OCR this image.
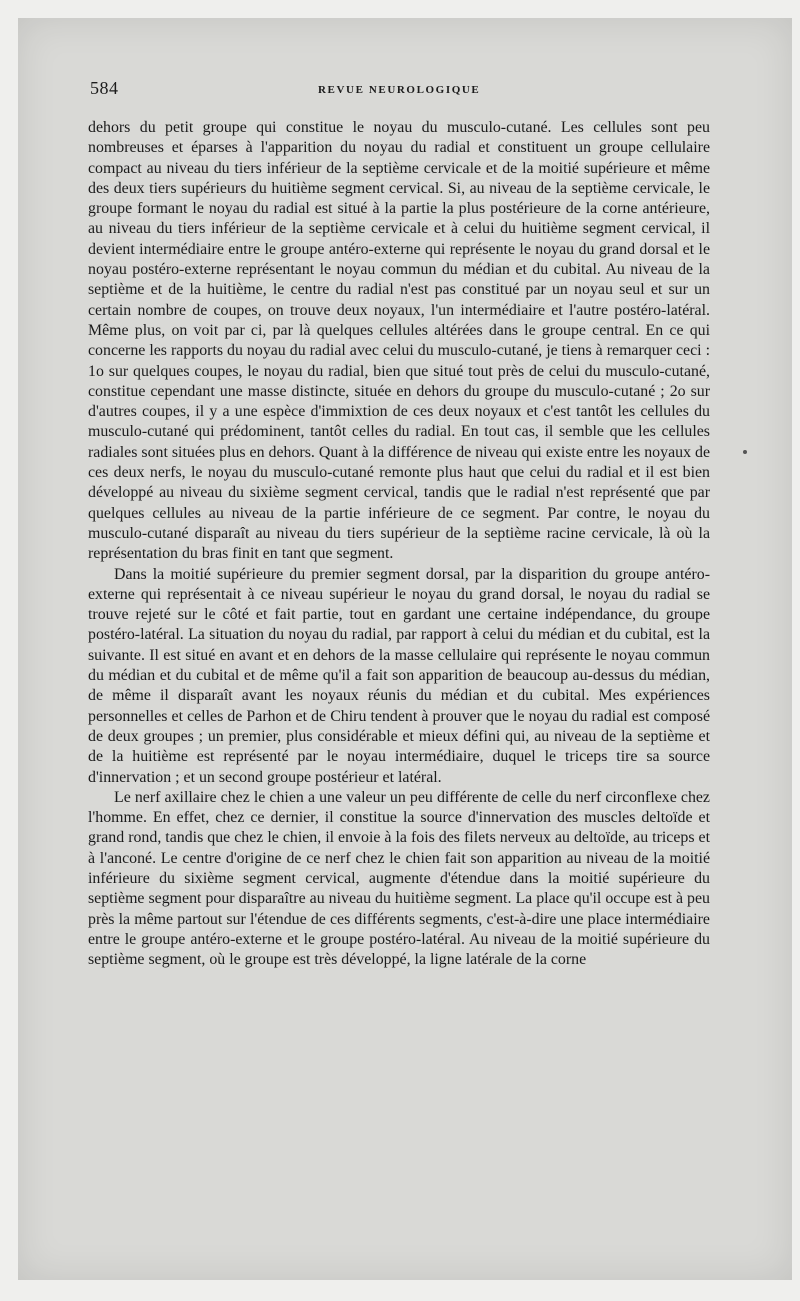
584	REVUE NEUROLOGIQUE

dehors du petit groupe qui constitue le noyau du musculo-cutané. Les cellules sont peu nombreuses et éparses à l'apparition du noyau du radial et constituent un groupe cellulaire compact au niveau du tiers inférieur de la septième cervicale et de la moitié supérieure et même des deux tiers supérieurs du huitième segment cervical. Si, au niveau de la septième cervicale, le groupe formant le noyau du radial est situé à la partie la plus postérieure de la corne antérieure, au niveau du tiers inférieur de la septième cervicale et à celui du huitième segment cervical, il devient intermédiaire entre le groupe antéro-externe qui représente le noyau du grand dorsal et le noyau postéro-externe représentant le noyau commun du médian et du cubital. Au niveau de la septième et de la huitième, le centre du radial n'est pas constitué par un noyau seul et sur un certain nombre de coupes, on trouve deux noyaux, l'un intermédiaire et l'autre postéro-latéral. Même plus, on voit par ci, par là quelques cellules altérées dans le groupe central. En ce qui concerne les rapports du noyau du radial avec celui du musculo-cutané, je tiens à remarquer ceci : 1o sur quelques coupes, le noyau du radial, bien que situé tout près de celui du musculo-cutané, constitue cependant une masse distincte, située en dehors du groupe du musculo-cutané ; 2o sur d'autres coupes, il y a une espèce d'immixtion de ces deux noyaux et c'est tantôt les cellules du musculo-cutané qui prédominent, tantôt celles du radial. En tout cas, il semble que les cellules radiales sont situées plus en dehors. Quant à la différence de niveau qui existe entre les noyaux de ces deux nerfs, le noyau du musculo-cutané remonte plus haut que celui du radial et il est bien développé au niveau du sixième segment cervical, tandis que le radial n'est représenté que par quelques cellules au niveau de la partie inférieure de ce segment. Par contre, le noyau du musculo-cutané disparaît au niveau du tiers supérieur de la septième racine cervicale, là où la représentation du bras finit en tant que segment.

Dans la moitié supérieure du premier segment dorsal, par la disparition du groupe antéro-externe qui représentait à ce niveau supérieur le noyau du grand dorsal, le noyau du radial se trouve rejeté sur le côté et fait partie, tout en gardant une certaine indépendance, du groupe postéro-latéral. La situation du noyau du radial, par rapport à celui du médian et du cubital, est la suivante. Il est situé en avant et en dehors de la masse cellulaire qui représente le noyau commun du médian et du cubital et de même qu'il a fait son apparition de beaucoup au-dessus du médian, de même il disparaît avant les noyaux réunis du médian et du cubital. Mes expériences personnelles et celles de Parhon et de Chiru tendent à prouver que le noyau du radial est composé de deux groupes ; un premier, plus considérable et mieux défini qui, au niveau de la septième et de la huitième est représenté par le noyau intermédiaire, duquel le triceps tire sa source d'innervation ; et un second groupe postérieur et latéral.

Le nerf axillaire chez le chien a une valeur un peu différente de celle du nerf circonflexe chez l'homme. En effet, chez ce dernier, il constitue la source d'innervation des muscles deltoïde et grand rond, tandis que chez le chien, il envoie à la fois des filets nerveux au deltoïde, au triceps et à l'anconé. Le centre d'origine de ce nerf chez le chien fait son apparition au niveau de la moitié inférieure du sixième segment cervical, augmente d'étendue dans la moitié supérieure du septième segment pour disparaître au niveau du huitième segment. La place qu'il occupe est à peu près la même partout sur l'étendue de ces différents segments, c'est-à-dire une place intermédiaire entre le groupe antéro-externe et le groupe postéro-latéral. Au niveau de la moitié supérieure du septième segment, où le groupe est très développé, la ligne latérale de la corne
